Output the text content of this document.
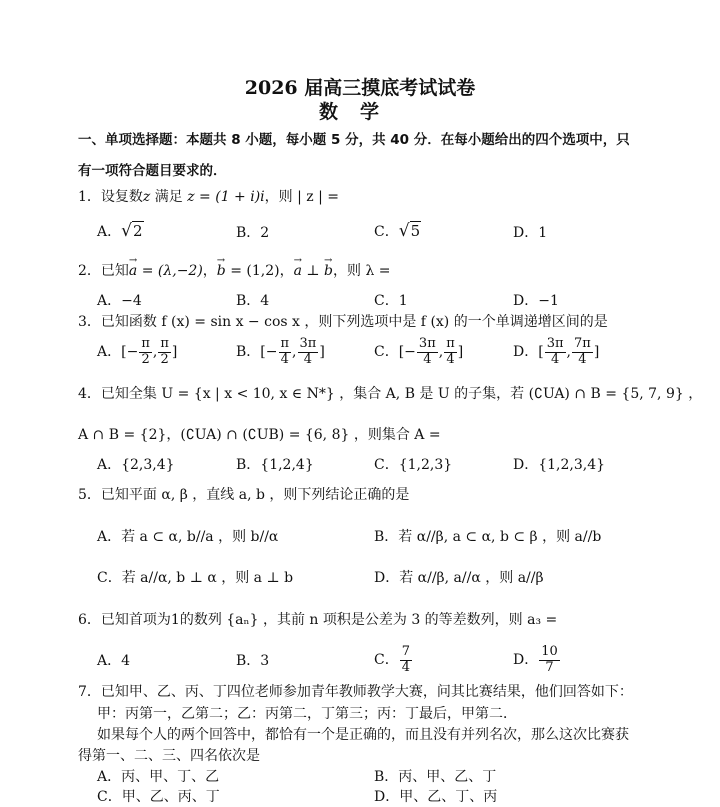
2026 届高三摸底考试试卷
数学
一、单项选择题：本题共 8 小题，每小题 5 分，共 40 分．在每小题给出的四个选项中，只
有一项符合题目要求的．
1．设复数z 满足 z = (1 + i)i，则 | z | =
A．√2	B．2	C．√5	D．1
2．已知→ a = (λ,−2)，→ b = (1,2)，→ a ⊥ → b，则 λ =
A．−4	B．4	C．1	D．−1
3．已知函数 f (x) = sin x − cos x ，则下列选项中是 f (x) 的一个单调递增区间的是
A．[− $\frac{\pi}{2}$ , $\frac{\pi}{2}$ ]	B．[− $\frac{\pi}{4}$ , $\frac{3\pi}{4}$ ]	C．[− $\frac{3\pi}{4}$ , $\frac{\pi}{4}$ ]	D．[ $\frac{3\pi}{4}$ , $\frac{7\pi}{4}$ ]
4．已知全集 U = {x | x < 10, x ∈ N*} ，集合 A, B 是 U 的子集，若 (∁UA) ∩ B = {5, 7, 9} ，
A ∩ B = {2}，(∁UA) ∩ (∁UB) = {6, 8} ，则集合 A =
A．{2,3,4}	B．{1,2,4}	C．{1,2,3}	D．{1,2,3,4}
5．已知平面 α, β ，直线 a, b ，则下列结论正确的是
A．若 a ⊂ α, b//a ，则 b//α	B．若 α//β, a ⊂ α, b ⊂ β ，则 a//b
C．若 a//α, b ⊥ α ，则 a ⊥ b	D．若 α//β, a//α ，则 a//β
6．已知首项为1的数列 {aₙ} ，其前 n 项积是公差为 3 的等差数列，则 a₃ =
A．4	B．3	C． $\frac{7}{4}$	D． $\frac{10}{7}$
7．已知甲、乙、丙、丁四位老师参加青年教师教学大赛，问其比赛结果，他们回答如下：
甲：丙第一，乙第二；乙：丙第二，丁第三；丙：丁最后，甲第二．
如果每个人的两个回答中，都恰有一个是正确的，而且没有并列名次，那么这次比赛获
得第一、二、三、四名依次是
A．丙、甲、丁、乙	B．丙、甲、乙、丁
C．甲、乙、丙、丁	D．甲、乙、丁、丙
